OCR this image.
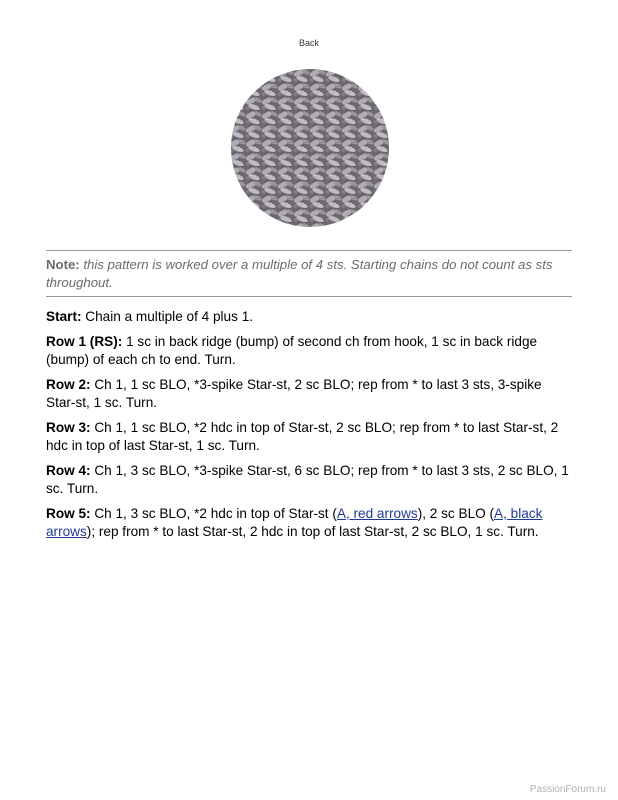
Back
Note: this pattern is worked over a multiple of 4 sts. Starting chains do not count as sts throughout.

Start: Chain a multiple of 4 plus 1.

Row 1 (RS): 1 sc in back ridge (bump) of second ch from hook, 1 sc in back ridge (bump) of each ch to end. Turn.

Row 2: Ch 1, 1 sc BLO, *3-spike Star-st, 2 sc BLO; rep from * to last 3 sts, 3-spike Star-st, 1 sc. Turn.

Row 3: Ch 1, 1 sc BLO, *2 hdc in top of Star-st, 2 sc BLO; rep from * to last Star-st, 2 hdc in top of last Star-st, 1 sc. Turn.

Row 4: Ch 1, 3 sc BLO, *3-spike Star-st, 6 sc BLO; rep from * to last 3 sts, 2 sc BLO, 1 sc. Turn.

Row 5: Ch 1, 3 sc BLO, *2 hdc in top of Star-st (A, red arrows), 2 sc BLO (A, black arrows); rep from * to last Star-st, 2 hdc in top of last Star-st, 2 sc BLO, 1 sc. Turn.

PassionForum.ru
